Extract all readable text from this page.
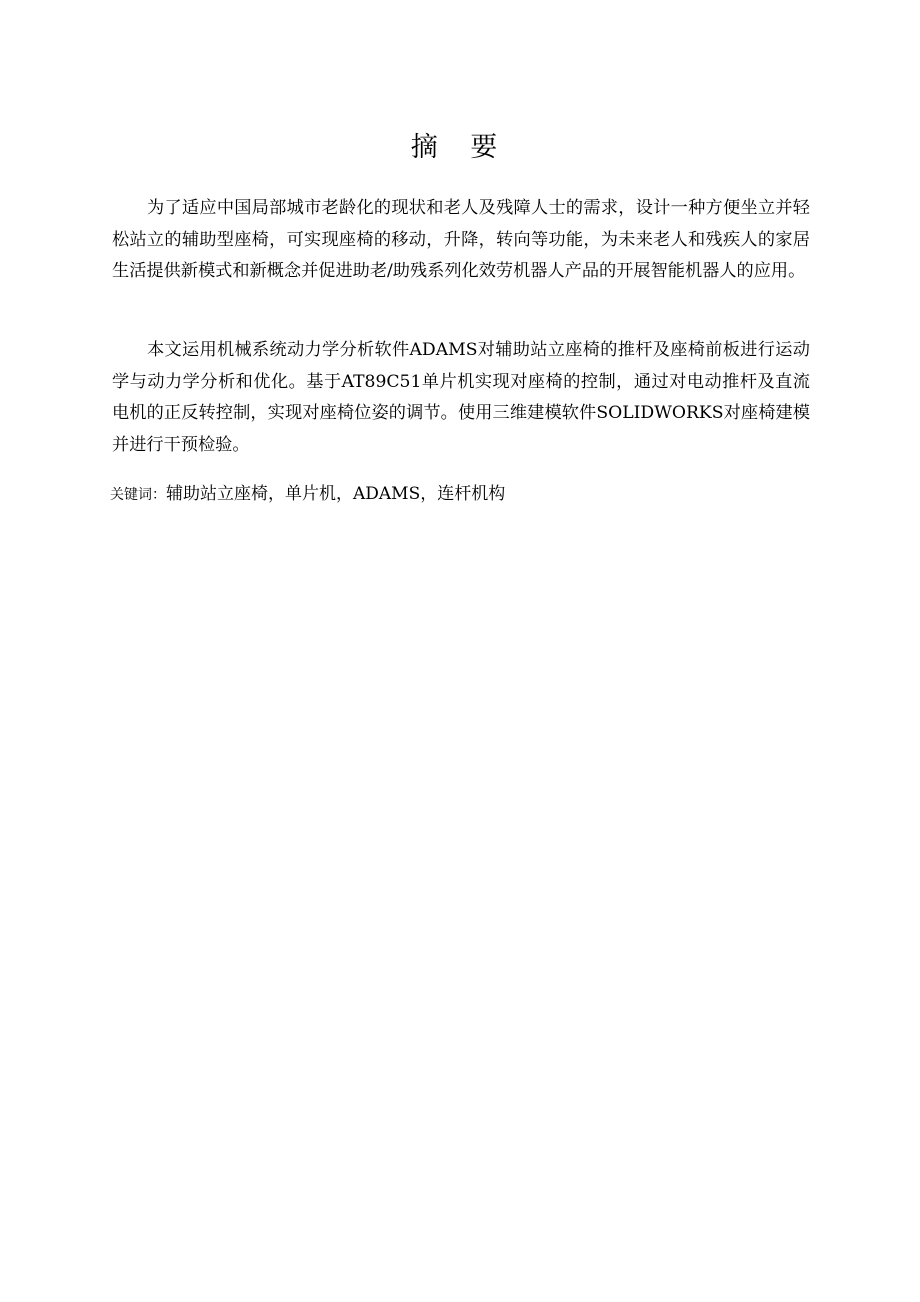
摘 要

为了适应中国局部城市老龄化的现状和老人及残障人士的需求，设计一种方便坐立并轻松站立的辅助型座椅，可实现座椅的移动，升降，转向等功能，为未来老人和残疾人的家居生活提供新模式和新概念并促进助老/助残系列化效劳机器人产品的开展智能机器人的应用。

本文运用机械系统动力学分析软件ADAMS对辅助站立座椅的推杆及座椅前板进行运动学与动力学分析和优化。基于AT89C51单片机实现对座椅的控制，通过对电动推杆及直流电机的正反转控制，实现对座椅位姿的调节。使用三维建模软件SOLIDWORKS对座椅建模并进行干预检验。

关键词：辅助站立座椅，单片机，ADAMS，连杆机构
